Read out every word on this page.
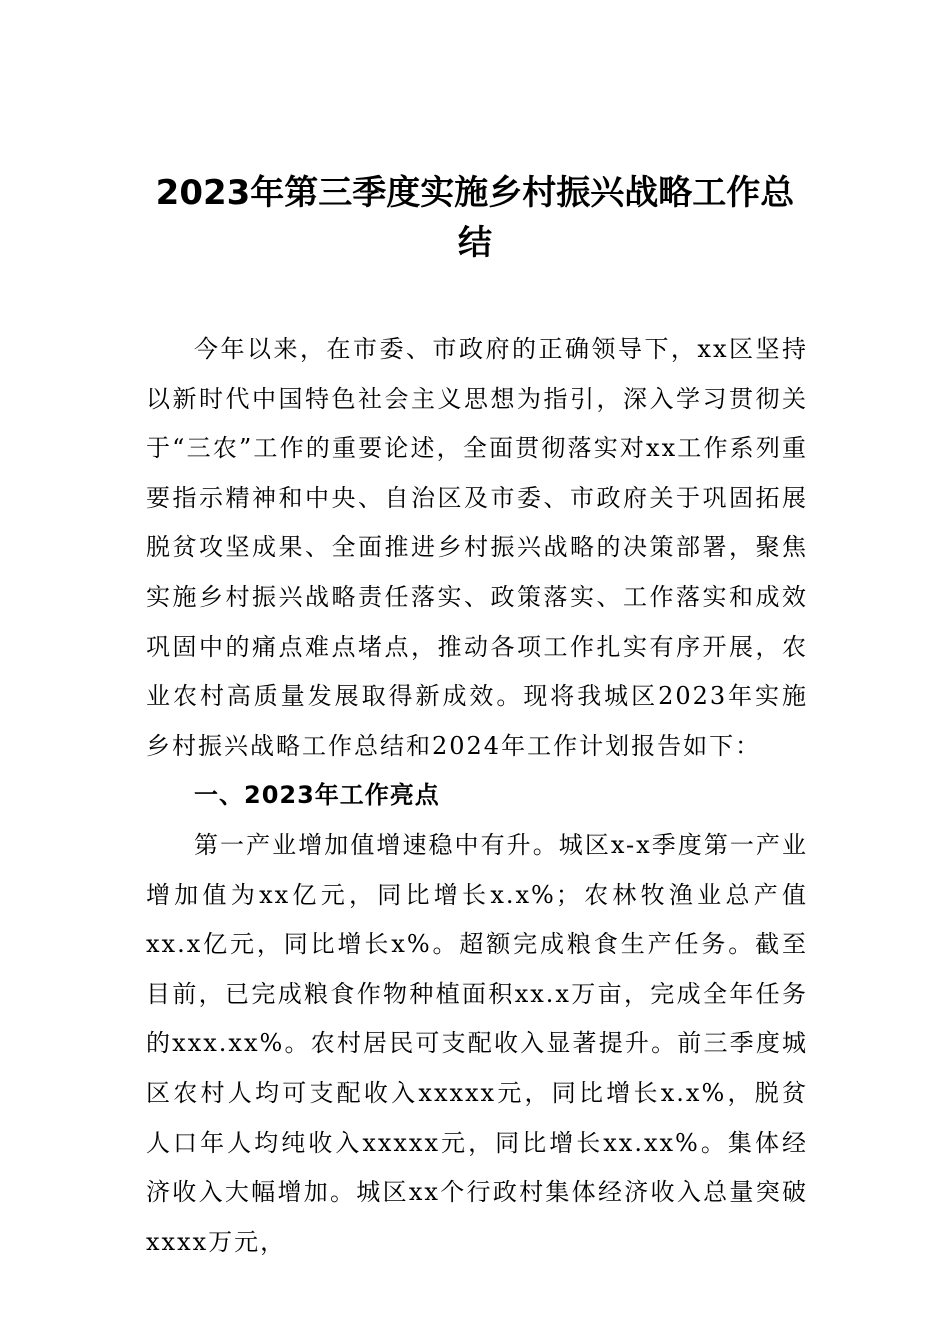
2023年第三季度实施乡村振兴战略工作总结

今年以来，在市委、市政府的正确领导下，xx区坚持以新时代中国特色社会主义思想为指引，深入学习贯彻关于“三农”工作的重要论述，全面贯彻落实对xx工作系列重要指示精神和中央、自治区及市委、市政府关于巩固拓展脱贫攻坚成果、全面推进乡村振兴战略的决策部署，聚焦实施乡村振兴战略责任落实、政策落实、工作落实和成效巩固中的痛点难点堵点，推动各项工作扎实有序开展，农业农村高质量发展取得新成效。现将我城区2023年实施乡村振兴战略工作总结和2024年工作计划报告如下：

一、2023年工作亮点

第一产业增加值增速稳中有升。城区x-x季度第一产业增加值为xx亿元，同比增长x.x%；农林牧渔业总产值xx.x亿元，同比增长x%。超额完成粮食生产任务。截至目前，已完成粮食作物种植面积xx.x万亩，完成全年任务的xxx.xx%。农村居民可支配收入显著提升。前三季度城区农村人均可支配收入xxxxx元，同比增长x.x%，脱贫人口年人均纯收入xxxxx元，同比增长xx.xx%。集体经济收入大幅增加。城区xx个行政村集体经济收入总量突破xxxx万元，
